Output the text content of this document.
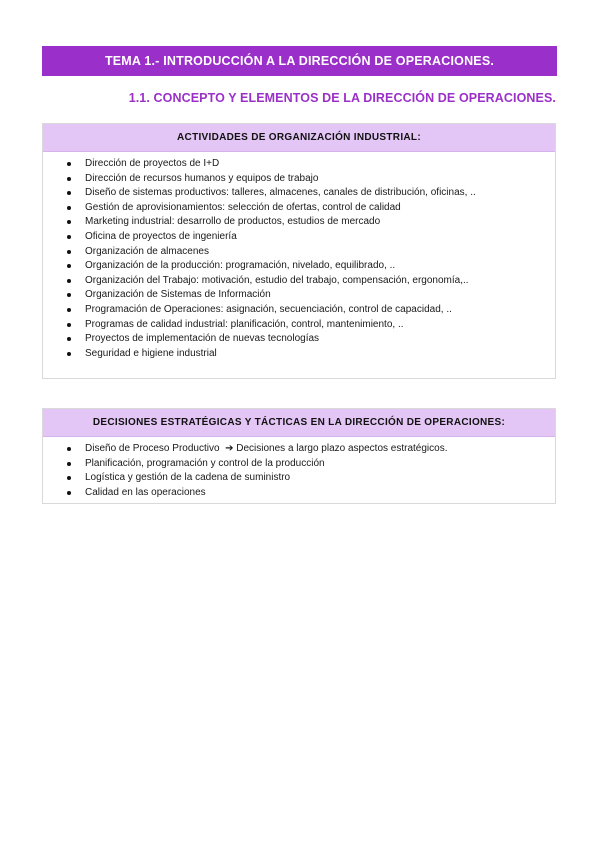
TEMA 1.- INTRODUCCIÓN A LA DIRECCIÓN DE OPERACIONES.
1.1. CONCEPTO Y ELEMENTOS DE LA DIRECCIÓN DE OPERACIONES.
ACTIVIDADES DE ORGANIZACIÓN INDUSTRIAL:
Dirección de proyectos de I+D
Dirección de recursos humanos y equipos de trabajo
Diseño de sistemas productivos: talleres, almacenes, canales de distribución, oficinas, ..
Gestión de aprovisionamientos: selección de ofertas, control de calidad
Marketing industrial: desarrollo de productos, estudios de mercado
Oficina de proyectos de ingeniería
Organización de almacenes
Organización de la producción: programación, nivelado, equilibrado, ..
Organización del Trabajo: motivación, estudio del trabajo, compensación, ergonomía,..
Organización de Sistemas de Información
Programación de Operaciones: asignación, secuenciación, control de capacidad, ..
Programas de calidad industrial: planificación, control, mantenimiento, ..
Proyectos de implementación de nuevas tecnologías
Seguridad e higiene industrial
DECISIONES ESTRATÉGICAS Y TÁCTICAS EN LA DIRECCIÓN DE OPERACIONES:
Diseño de Proceso Productivo ➔ Decisiones a largo plazo aspectos estratégicos.
Planificación, programación y control de la producción
Logística y gestión de la cadena de suministro
Calidad en las operaciones
